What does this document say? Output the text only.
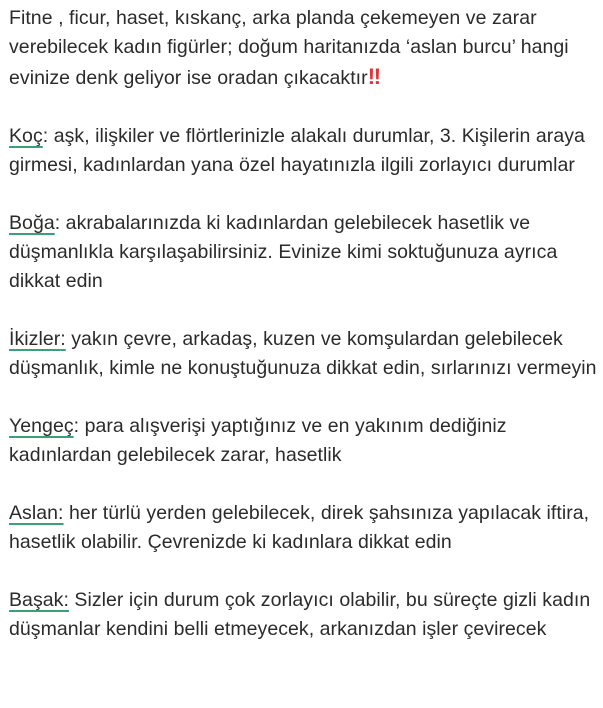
Fitne , ficur, haset, kıskanç, arka planda çekemeyen ve zarar verebilecek kadın figürler; doğum haritanızda ‘aslan burcu’ hangi evinize denk geliyor ise oradan çıkacaktır‼

Koç: aşk, ilişkiler ve flörtlerinizle alakalı durumlar, 3. Kişilerin araya girmesi, kadınlardan yana özel hayatınızla ilgili zorlayıcı durumlar

Boğa: akrabalarınızda ki kadınlardan gelebilecek hasetlik ve düşmanlıkla karşılaşabilirsiniz. Evinize kimi soktuğunuza ayrıca dikkat edin

İkizler: yakın çevre, arkadaş, kuzen ve komşulardan gelebilecek düşmanlık, kimle ne konuştuğunuza dikkat edin, sırlarınızı vermeyin

Yengeç: para alışverişi yaptığınız ve en yakınım dediğiniz kadınlardan gelebilecek zarar, hasetlik

Aslan: her türlü yerden gelebilecek, direk şahsınıza yapılacak iftira, hasetlik olabilir. Çevrenizde ki kadınlara dikkat edin

Başak: Sizler için durum çok zorlayıcı olabilir, bu süreçte gizli kadın düşmanlar kendini belli etmeyecek, arkanızdan işler çevirecek
